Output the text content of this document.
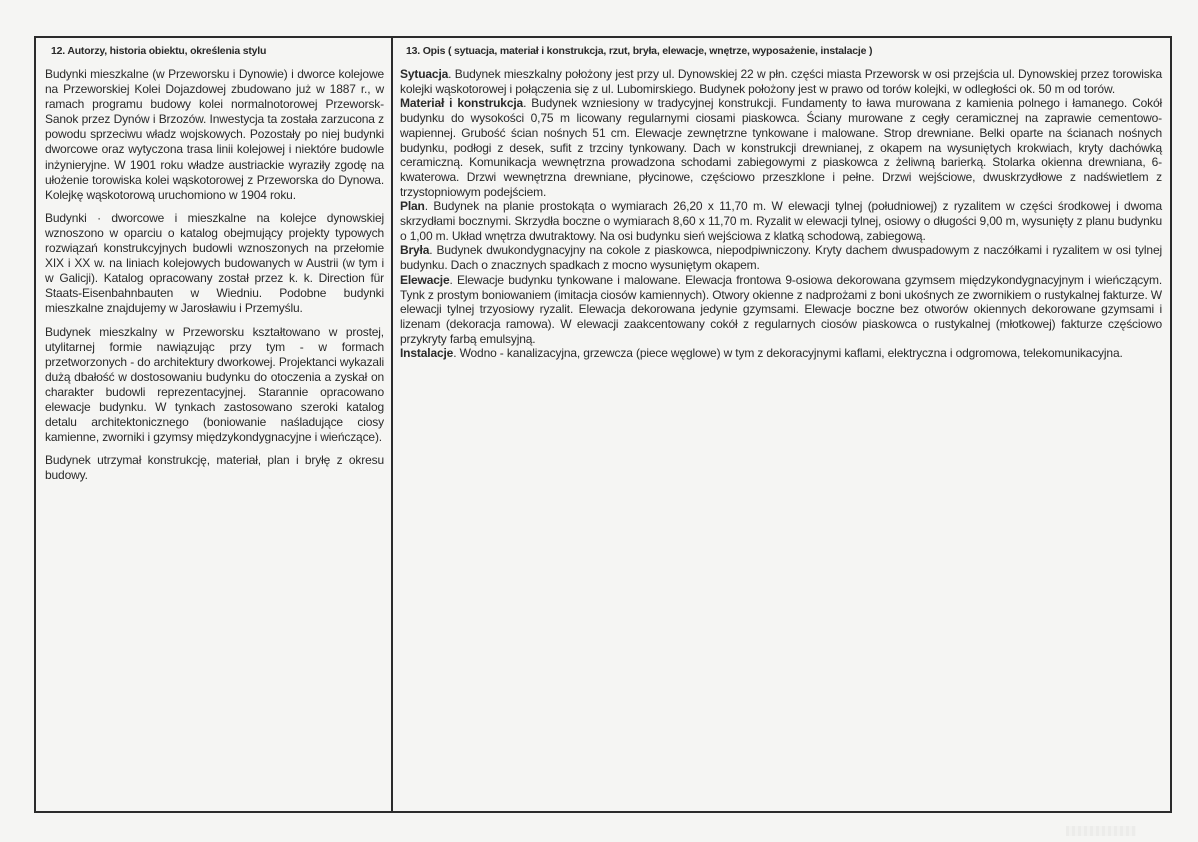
12. Autorzy, historia obiektu, określenia stylu

Budynki mieszkalne (w Przeworsku i Dynowie) i dworce kolejowe na Przeworskiej Kolei Dojazdowej zbudowano już w 1887 r., w ramach programu budowy kolei normalnotorowej Przeworsk-Sanok przez Dynów i Brzozów. Inwestycja ta została zarzucona z powodu sprzeciwu władz wojskowych. Pozostały po niej budynki dworcowe oraz wytyczona trasa linii kolejowej i niektóre budowle inżynieryjne. W 1901 roku władze austriackie wyraziły zgodę na ułożenie torowiska kolei wąskotorowej z Przeworska do Dynowa. Kolejkę wąskotorową uruchomiono w 1904 roku.

Budynki · dworcowe i mieszkalne na kolejce dynowskiej wznoszono w oparciu o katalog obejmujący projekty typowych rozwiązań konstrukcyjnych budowli wznoszonych na przełomie XIX i XX w. na liniach kolejowych budowanych w Austrii (w tym i w Galicji). Katalog opracowany został przez k. k. Direction für Staats-Eisenbahnbauten w Wiedniu. Podobne budynki mieszkalne znajdujemy w Jarosławiu i Przemyślu.

Budynek mieszkalny w Przeworsku kształtowano w prostej, utylitarnej formie nawiązując przy tym - w formach przetworzonych - do architektury dworkowej. Projektanci wykazali dużą dbałość w dostosowaniu budynku do otoczenia a zyskał on charakter budowli reprezentacyjnej. Starannie opracowano elewacje budynku. W tynkach zastosowano szeroki katalog detalu architektonicznego (boniowanie naśladujące ciosy kamienne, zworniki i gzymsy międzykondygnacyjne i wieńczące).

Budynek utrzymał konstrukcję, materiał, plan i bryłę z okresu budowy.

13. Opis ( sytuacja, materiał i konstrukcja, rzut, bryła, elewacje, wnętrze, wyposażenie, instalacje )
Sytuacja. Budynek mieszkalny położony jest przy ul. Dynowskiej 22 w płn. części miasta Przeworsk w osi przejścia ul. Dynowskiej przez torowiska kolejki wąskotorowej i połączenia się z ul. Lubomirskiego. Budynek położony jest w prawo od torów kolejki, w odległości ok. 50 m od torów.
Materiał i konstrukcja. Budynek wzniesiony w tradycyjnej konstrukcji. Fundamenty to ława murowana z kamienia polnego i łamanego. Cokół budynku do wysokości 0,75 m licowany regularnymi ciosami piaskowca. Ściany murowane z cegły ceramicznej na zaprawie cementowo-wapiennej. Grubość ścian nośnych 51 cm. Elewacje zewnętrzne tynkowane i malowane. Strop drewniane. Belki oparte na ścianach nośnych budynku, podłogi z desek, sufit z trzciny tynkowany. Dach w konstrukcji drewnianej, z okapem na wysuniętych krokwiach, kryty dachówką ceramiczną. Komunikacja wewnętrzna prowadzona schodami zabiegowymi z piaskowca z żeliwną barierką. Stolarka okienna drewniana, 6-kwaterowa. Drzwi wewnętrzna drewniane, płycinowe, częściowo przeszklone i pełne. Drzwi wejściowe, dwuskrzydłowe z nadświetlem z trzystopniowym podejściem.
Plan. Budynek na planie prostokąta o wymiarach 26,20 x 11,70 m. W elewacji tylnej (południowej) z ryzalitem w części środkowej i dwoma skrzydłami bocznymi. Skrzydła boczne o wymiarach 8,60 x 11,70 m. Ryzalit w elewacji tylnej, osiowy o długości 9,00 m, wysunięty z planu budynku o 1,00 m. Układ wnętrza dwutraktowy. Na osi budynku sień wejściowa z klatką schodową, zabiegową.
Bryła. Budynek dwukondygnacyjny na cokole z piaskowca, niepodpiwniczony. Kryty dachem dwuspadowym z naczółkami i ryzalitem w osi tylnej budynku. Dach o znacznych spadkach z mocno wysuniętym okapem.
Elewacje. Elewacje budynku tynkowane i malowane. Elewacja frontowa 9-osiowa dekorowana gzymsem międzykondygnacyjnym i wieńczącym. Tynk z prostym boniowaniem (imitacja ciosów kamiennych). Otwory okienne z nadprożami z boni ukośnych ze zwornikiem o rustykalnej fakturze. W elewacji tylnej trzyosiowy ryzalit. Elewacja dekorowana jedynie gzymsami. Elewacje boczne bez otworów okiennych dekorowane gzymsami i lizenam (dekoracja ramowa). W elewacji zaakcentowany cokół z regularnych ciosów piaskowca o rustykalnej (młotkowej) fakturze częściowo przykryty farbą emulsyjną.
Instalacje. Wodno - kanalizacyjna, grzewcza (piece węglowe) w tym z dekoracyjnymi kaflami, elektryczna i odgromowa, telekomunikacyjna.
